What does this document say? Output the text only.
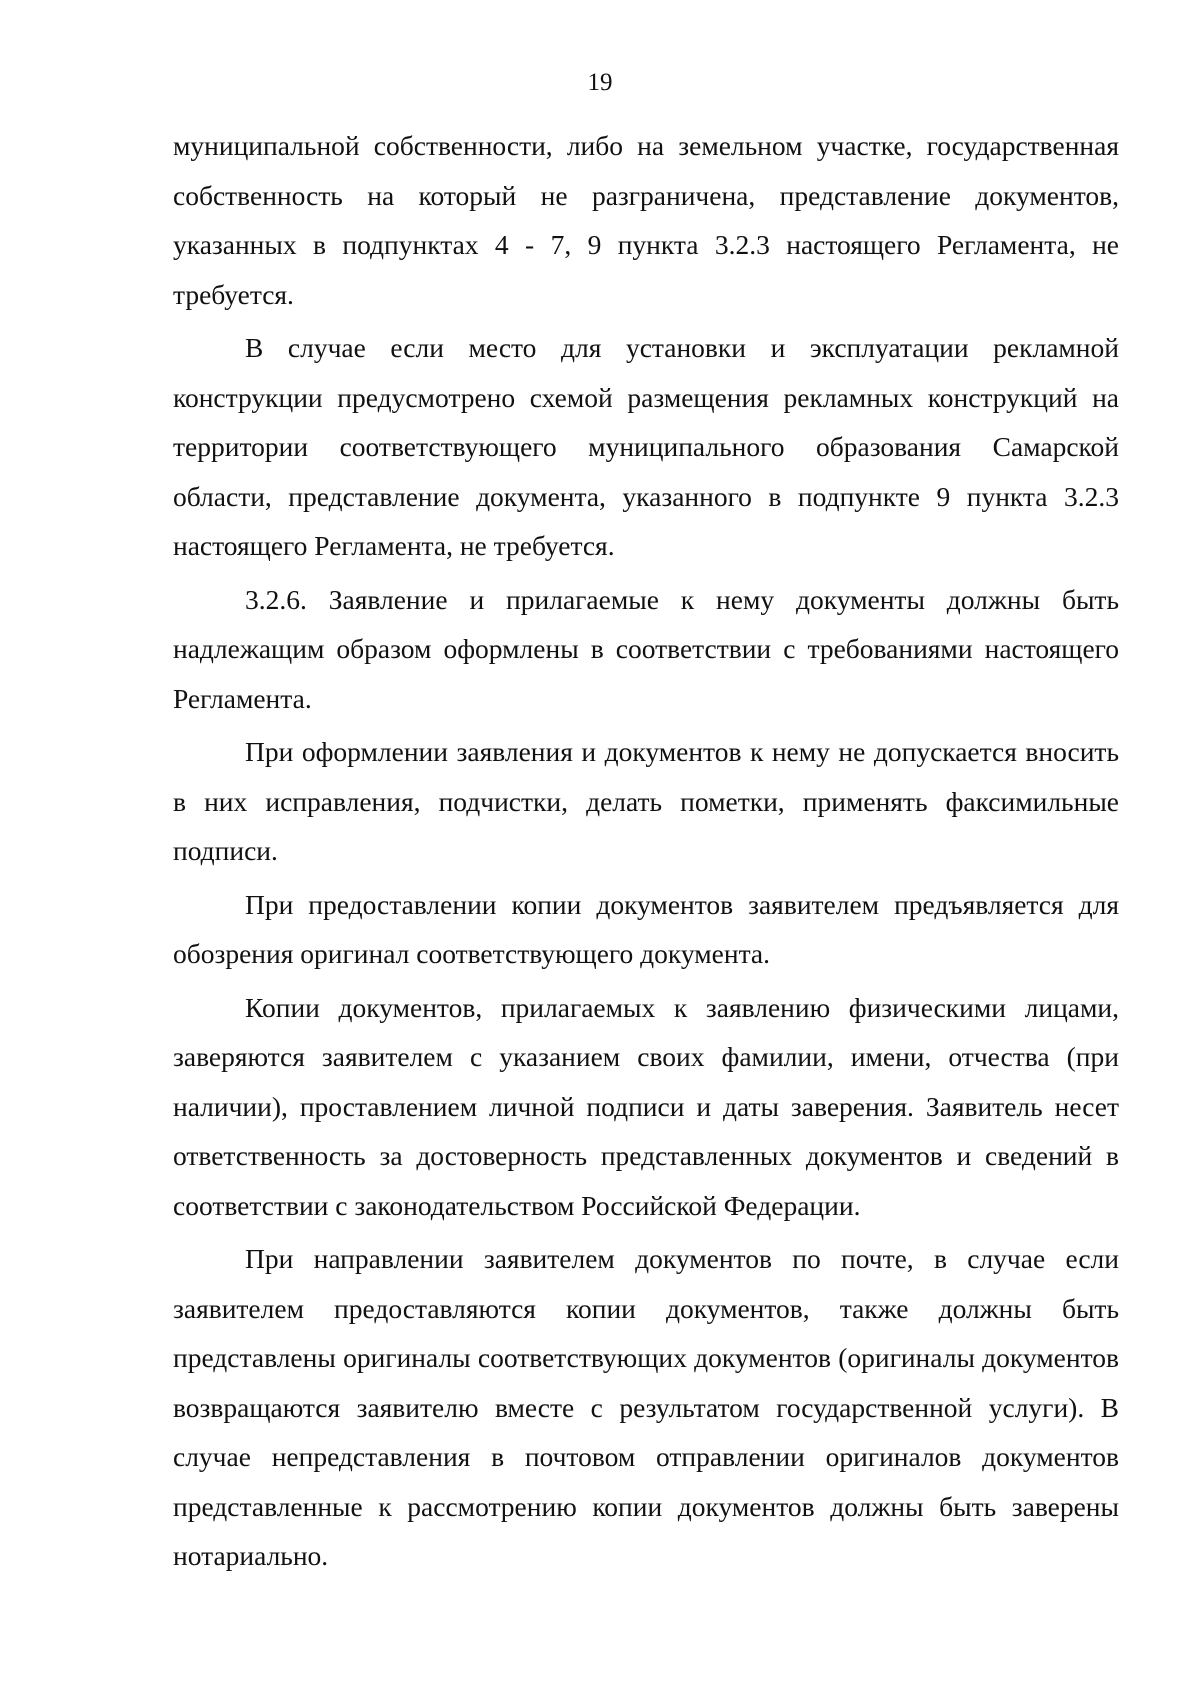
19

муниципальной собственности, либо на земельном участке, государственная собственность на который не разграничена, представление документов, указанных в подпунктах 4 - 7, 9 пункта 3.2.3 настоящего Регламента, не требуется.

В случае если место для установки и эксплуатации рекламной конструкции предусмотрено схемой размещения рекламных конструкций на территории соответствующего муниципального образования Самарской области, представление документа, указанного в подпункте 9 пункта 3.2.3 настоящего Регламента, не требуется.

3.2.6. Заявление и прилагаемые к нему документы должны быть надлежащим образом оформлены в соответствии с требованиями настоящего Регламента.

При оформлении заявления и документов к нему не допускается вносить в них исправления, подчистки, делать пометки, применять факсимильные подписи.

При предоставлении копии документов заявителем предъявляется для обозрения оригинал соответствующего документа.

Копии документов, прилагаемых к заявлению физическими лицами, заверяются заявителем с указанием своих фамилии, имени, отчества (при наличии), проставлением личной подписи и даты заверения. Заявитель несет ответственность за достоверность представленных документов и сведений в соответствии с законодательством Российской Федерации.

При направлении заявителем документов по почте, в случае если заявителем предоставляются копии документов, также должны быть представлены оригиналы соответствующих документов (оригиналы документов возвращаются заявителю вместе с результатом государственной услуги). В случае непредставления в почтовом отправлении оригиналов документов представленные к рассмотрению копии документов должны быть заверены нотариально.
